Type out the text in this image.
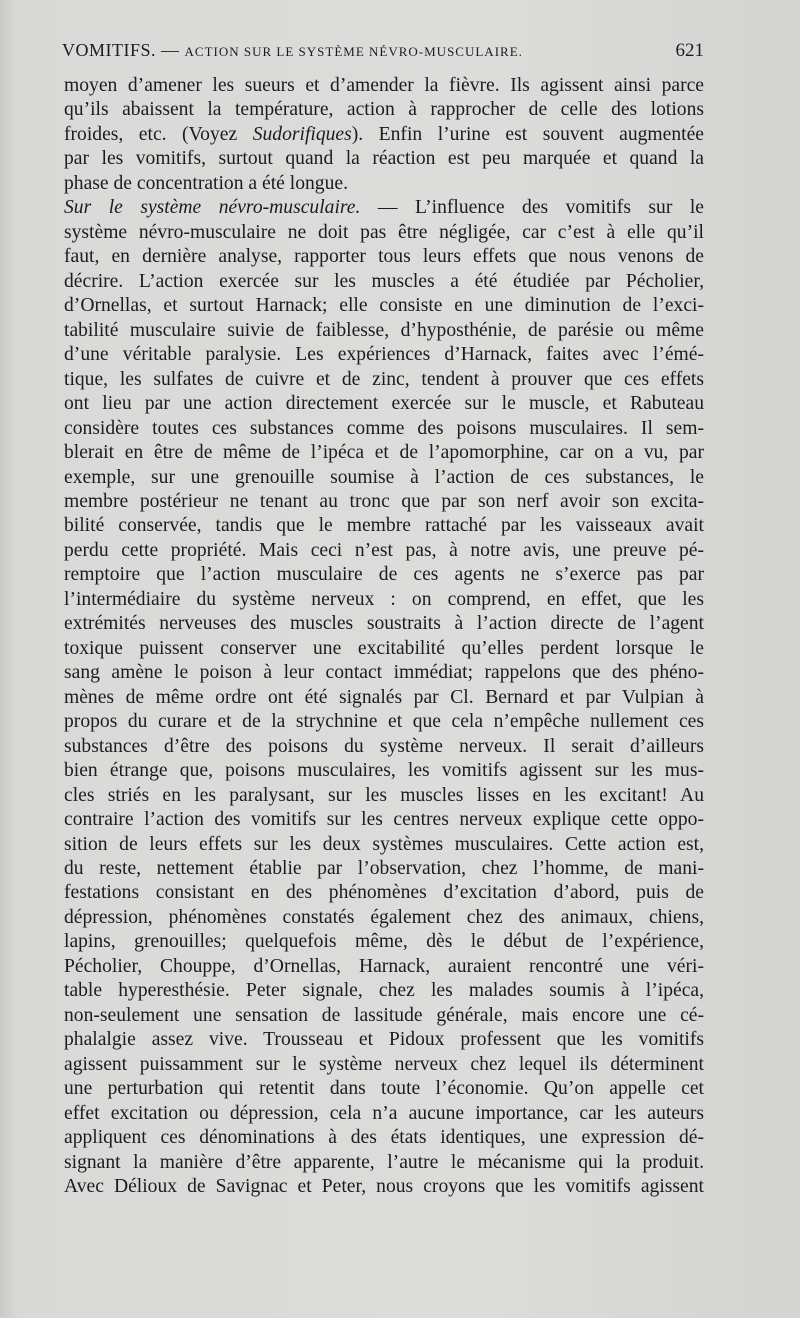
VOMITIFS. — ACTION SUR LE SYSTÈME NÉVRO-MUSCULAIRE.	621
moyen d’amener les sueurs et d’amender la fièvre. Ils agissent ainsi parce
qu’ils abaissent la température, action à rapprocher de celle des lotions
froides, etc. (Voyez Sudorifiques). Enfin l’urine est souvent augmentée
par les vomitifs, surtout quand la réaction est peu marquée et quand la
phase de concentration a été longue.
Sur le système névro-musculaire. — L’influence des vomitifs sur le
système névro-musculaire ne doit pas être négligée, car c’est à elle qu’il
faut, en dernière analyse, rapporter tous leurs effets que nous venons de
décrire. L’action exercée sur les muscles a été étudiée par Pécholier,
d’Ornellas, et surtout Harnack; elle consiste en une diminution de l’exci-
tabilité musculaire suivie de faiblesse, d’hyposthénie, de parésie ou même
d’une véritable paralysie. Les expériences d’Harnack, faites avec l’émé-
tique, les sulfates de cuivre et de zinc, tendent à prouver que ces effets
ont lieu par une action directement exercée sur le muscle, et Rabuteau
considère toutes ces substances comme des poisons musculaires. Il sem-
blerait en être de même de l’ipéca et de l’apomorphine, car on a vu, par
exemple, sur une grenouille soumise à l’action de ces substances, le
membre postérieur ne tenant au tronc que par son nerf avoir son excita-
bilité conservée, tandis que le membre rattaché par les vaisseaux avait
perdu cette propriété. Mais ceci n’est pas, à notre avis, une preuve pé-
remptoire que l’action musculaire de ces agents ne s’exerce pas par
l’intermédiaire du système nerveux : on comprend, en effet, que les
extrémités nerveuses des muscles soustraits à l’action directe de l’agent
toxique puissent conserver une excitabilité qu’elles perdent lorsque le
sang amène le poison à leur contact immédiat; rappelons que des phéno-
mènes de même ordre ont été signalés par Cl. Bernard et par Vulpian à
propos du curare et de la strychnine et que cela n’empêche nullement ces
substances d’être des poisons du système nerveux. Il serait d’ailleurs
bien étrange que, poisons musculaires, les vomitifs agissent sur les mus-
cles striés en les paralysant, sur les muscles lisses en les excitant! Au
contraire l’action des vomitifs sur les centres nerveux explique cette oppo-
sition de leurs effets sur les deux systèmes musculaires. Cette action est,
du reste, nettement établie par l’observation, chez l’homme, de mani-
festations consistant en des phénomènes d’excitation d’abord, puis de
dépression, phénomènes constatés également chez des animaux, chiens,
lapins, grenouilles; quelquefois même, dès le début de l’expérience,
Pécholier, Chouppe, d’Ornellas, Harnack, auraient rencontré une véri-
table hyperesthésie. Peter signale, chez les malades soumis à l’ipéca,
non-seulement une sensation de lassitude générale, mais encore une cé-
phalalgie assez vive. Trousseau et Pidoux professent que les vomitifs
agissent puissamment sur le système nerveux chez lequel ils déterminent
une perturbation qui retentit dans toute l’économie. Qu’on appelle cet
effet excitation ou dépression, cela n’a aucune importance, car les auteurs
appliquent ces dénominations à des états identiques, une expression dé-
signant la manière d’être apparente, l’autre le mécanisme qui la produit.
Avec Délioux de Savignac et Peter, nous croyons que les vomitifs agissent
